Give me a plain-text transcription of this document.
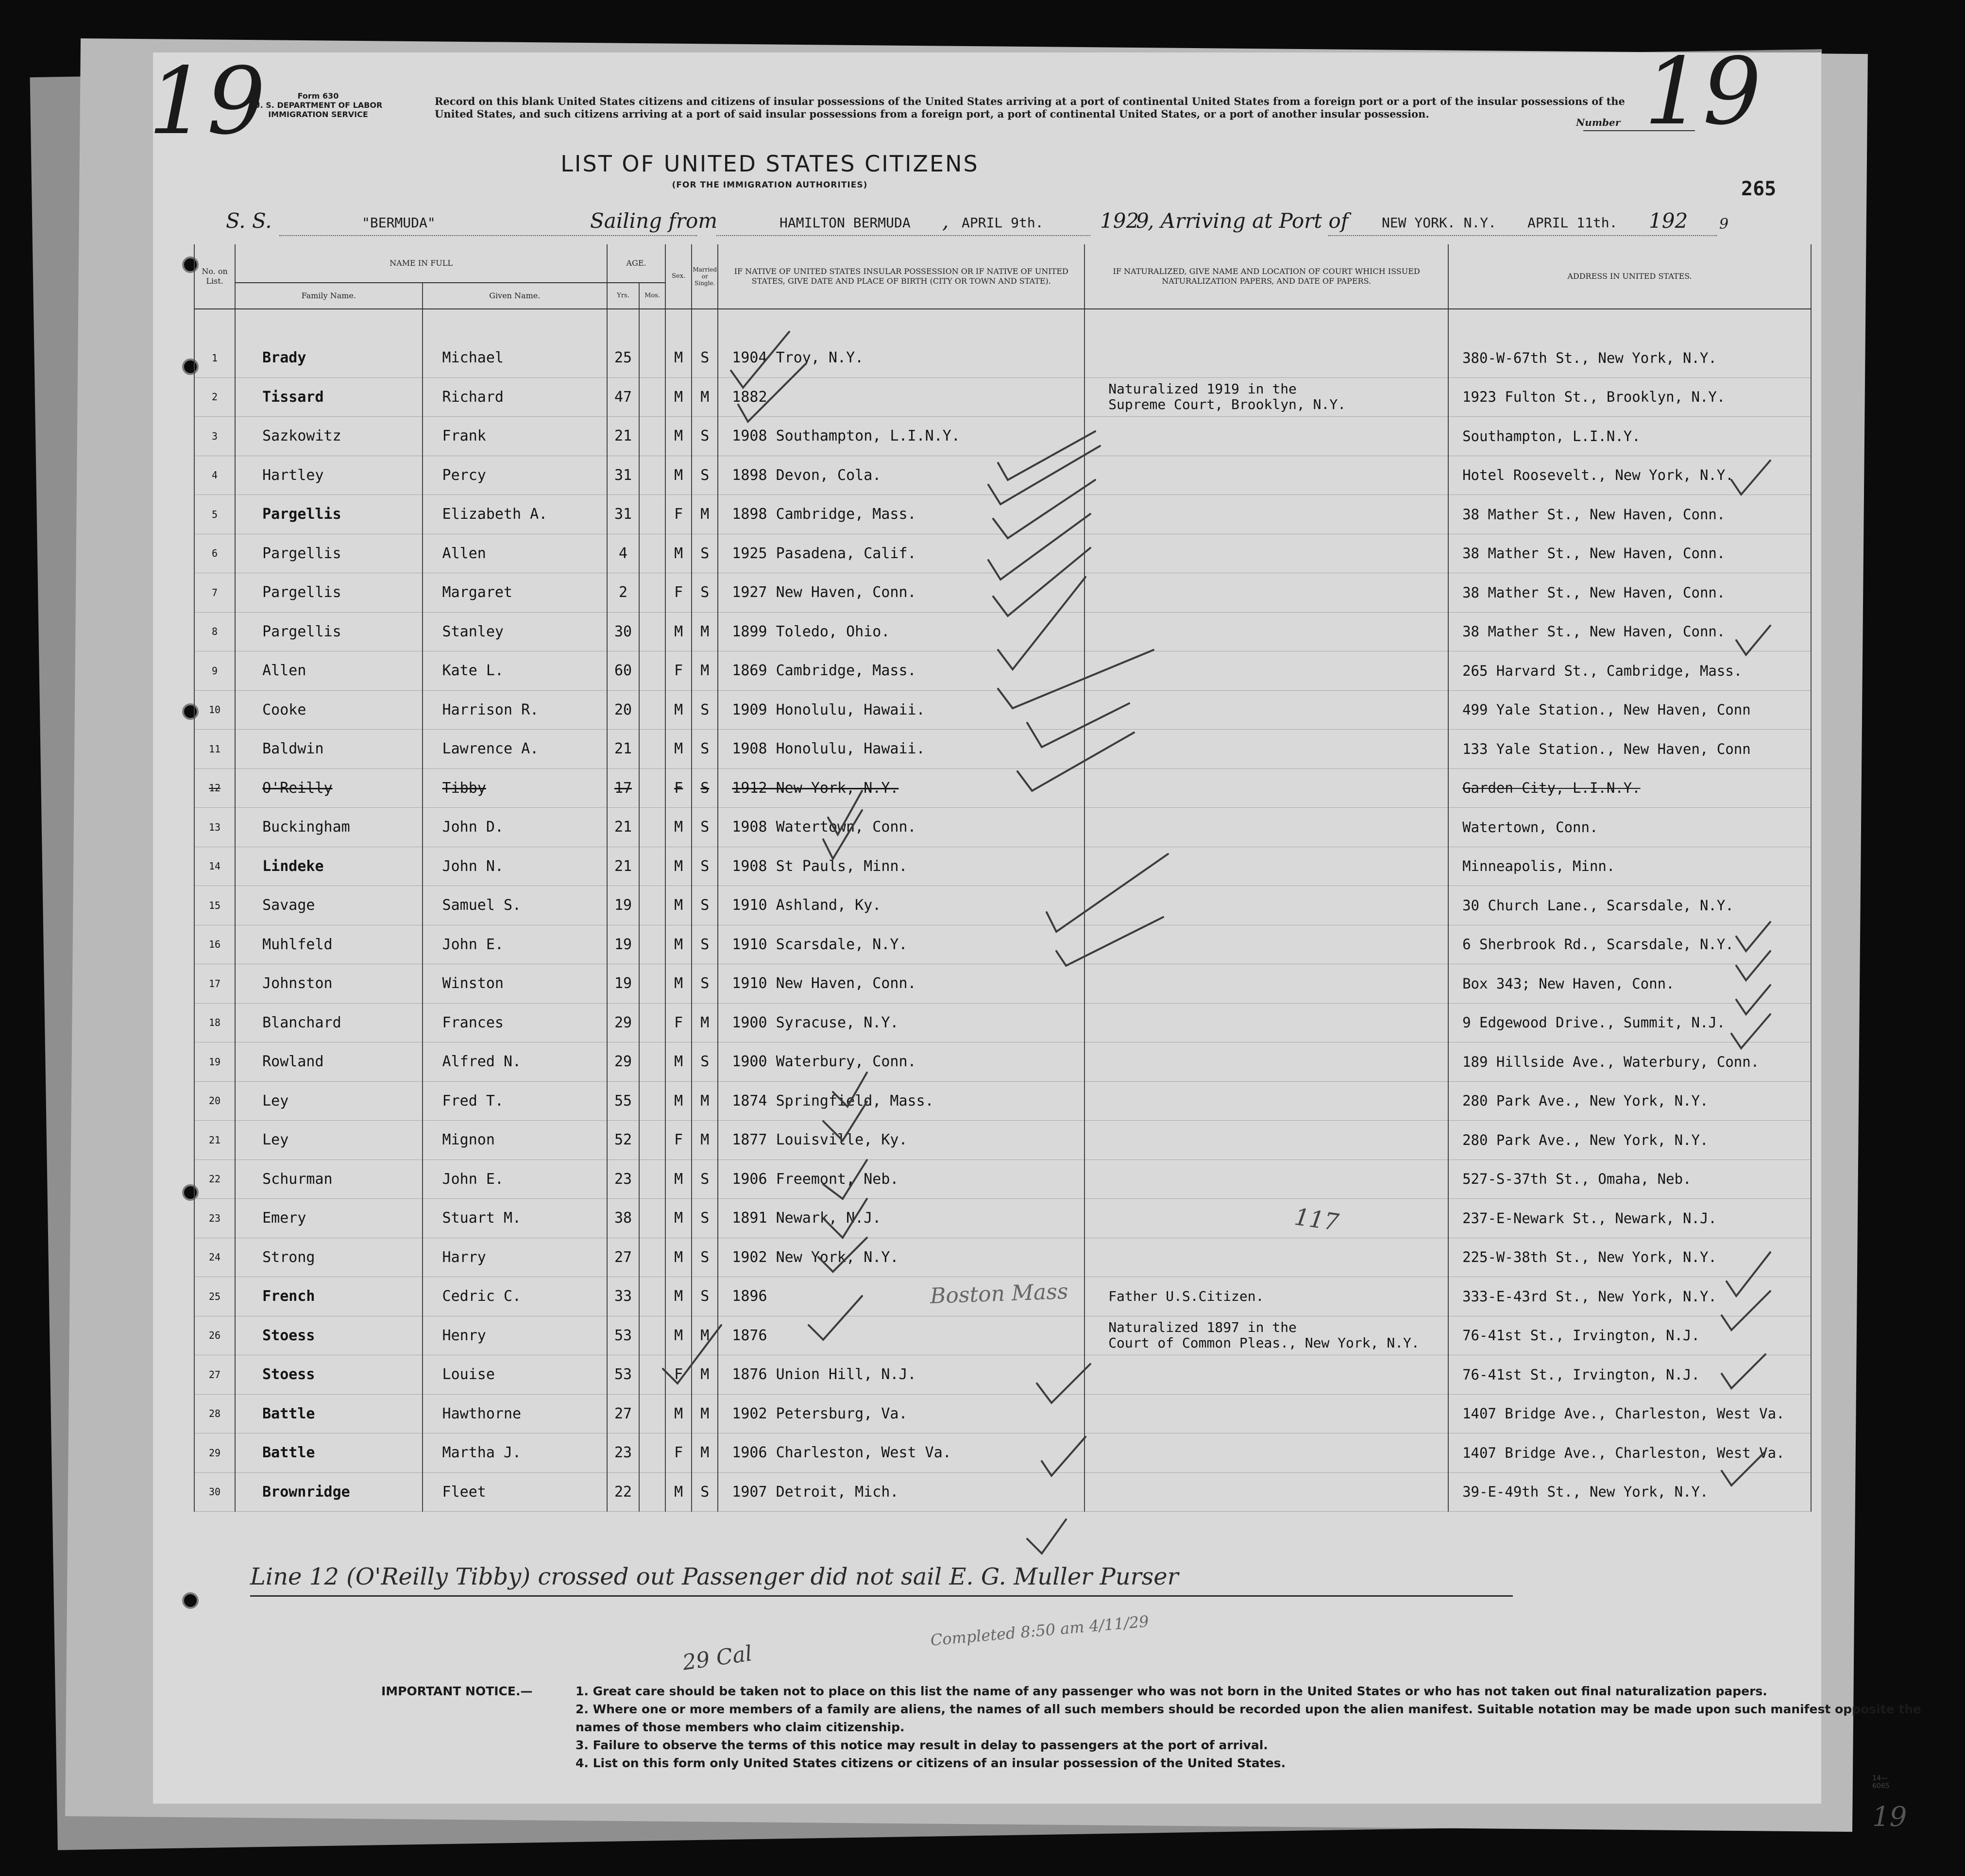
Form 630
U. S. DEPARTMENT OF LABOR
IMMIGRATION SERVICE
19	19
Record on this blank United States citizens and citizens of insular possessions of the United States arriving at a port of continental United States from a foreign port or a port of the insular possessions of the United States, and such citizens arriving at a port of said insular possessions from a foreign port, a port of continental United States, or a port of another insular possession.
Number
LIST OF UNITED STATES CITIZENS
(FOR THE IMMIGRATION AUTHORITIES)	265
S. S.	"BERMUDA"	Sailing from	HAMILTON BERMUDA , APRIL 9th.	192
9
, Arriving at Port of NEW YORK. N.Y. APRIL 11th. 192 9
No. on List.	NAME IN FULL		AGE.		Sex.	Married or Single.	IF NATIVE OF UNITED STATES INSULAR POSSESSION OR IF NATIVE OF UNITED STATES, GIVE DATE AND PLACE OF BIRTH (CITY OR TOWN AND STATE).	IF NATURALIZED, GIVE NAME AND LOCATION OF COURT WHICH ISSUED NATURALIZATION PAPERS, AND DATE OF PAPERS.	ADDRESS IN UNITED STATES.
	Family Name.	Given Name.	Yrs.	Mos.					

1	Brady	Michael	25		M	S	1904 Troy, N.Y.		380-W-67th St., New York, N.Y.
2	Tissard	Richard	47		M	M	1882	Naturalized 1919 in the
Supreme Court, Brooklyn, N.Y.	1923 Fulton St., Brooklyn, N.Y.
3	Sazkowitz	Frank	21		M	S	1908 Southampton, L.I.N.Y.		Southampton, L.I.N.Y.
4	Hartley	Percy	31		M	S	1898 Devon, Cola.		Hotel Roosevelt., New York, N.Y.
5	Pargellis	Elizabeth A.	31		F	M	1898 Cambridge, Mass.		38 Mather St., New Haven, Conn.
6	Pargellis	Allen	4		M	S	1925 Pasadena, Calif.		38 Mather St., New Haven, Conn.
7	Pargellis	Margaret	2		F	S	1927 New Haven, Conn.		38 Mather St., New Haven, Conn.
8	Pargellis	Stanley	30		M	M	1899 Toledo, Ohio.		38 Mather St., New Haven, Conn.
9	Allen	Kate L.	60		F	M	1869 Cambridge, Mass.		265 Harvard St., Cambridge, Mass.
10	Cooke	Harrison R.	20		M	S	1909 Honolulu, Hawaii.		499 Yale Station., New Haven, Conn
11	Baldwin	Lawrence A.	21		M	S	1908 Honolulu, Hawaii.		133 Yale Station., New Haven, Conn
12	O'Reilly	Tibby	17		F	S	1912 New York, N.Y.		Garden City, L.I.N.Y.
13	Buckingham	John D.	21		M	S	1908 Watertown, Conn.		Watertown, Conn.
14	Lindeke	John N.	21		M	S	1908 St Pauls, Minn.		Minneapolis, Minn.
15	Savage	Samuel S.	19		M	S	1910 Ashland, Ky.		30 Church Lane., Scarsdale, N.Y.
16	Muhlfeld	John E.	19		M	S	1910 Scarsdale, N.Y.		6 Sherbrook Rd., Scarsdale, N.Y.
17	Johnston	Winston	19		M	S	1910 New Haven, Conn.		Box 343; New Haven, Conn.
18	Blanchard	Frances	29		F	M	1900 Syracuse, N.Y.		9 Edgewood Drive., Summit, N.J.
19	Rowland	Alfred N.	29		M	S	1900 Waterbury, Conn.		189 Hillside Ave., Waterbury, Conn.
20	Ley	Fred T.	55		M	M	1874 Springfield, Mass.		280 Park Ave., New York, N.Y.
21	Ley	Mignon	52		F	M	1877 Louisville, Ky.		280 Park Ave., New York, N.Y.
22	Schurman	John E.	23		M	S	1906 Freemont, Neb.		527-S-37th St., Omaha, Neb.
23	Emery	Stuart M.	38		M	S	1891 Newark, N.J.		237-E-Newark St., Newark, N.J.
24	Strong	Harry	27		M	S	1902 New York, N.Y.		225-W-38th St., New York, N.Y.
25	French	Cedric C.	33		M	S	1896	Father U.S.Citizen.	333-E-43rd St., New York, N.Y.
26	Stoess	Henry	53		M	M	1876	Naturalized 1897 in the
Court of Common Pleas., New York, N.Y.	76-41st St., Irvington, N.J.
27	Stoess	Louise	53		F	M	1876 Union Hill, N.J.		76-41st St., Irvington, N.J.
28	Battle	Hawthorne	27		M	M	1902 Petersburg, Va.		1407 Bridge Ave., Charleston, West Va.
29	Battle	Martha J.	23		F	M	1906 Charleston, West Va.		1407 Bridge Ave., Charleston, West Va.
30	Brownridge	Fleet	22		M	S	1907 Detroit, Mich.		39-E-49th St., New York, N.Y.
117
Boston Mass
Line 12 (O'Reilly Tibby) crossed out Passenger did not sail E. G. Muller Purser
Completed 8:50 am 4/11/29
29 Cal
IMPORTANT NOTICE.—	1. Great care should be taken not to place on this list the name of any passenger who was not born in the United States or who has not taken out final naturalization papers.
2. Where one or more members of a family are aliens, the names of all such members should be recorded upon the alien manifest. Suitable notation may be made upon such manifest opposite the names of those members who claim citizenship.
3. Failure to observe the terms of this notice may result in delay to passengers at the port of arrival.
4. List on this form only United States citizens or citizens of an insular possession of the United States.
14—6065
19
